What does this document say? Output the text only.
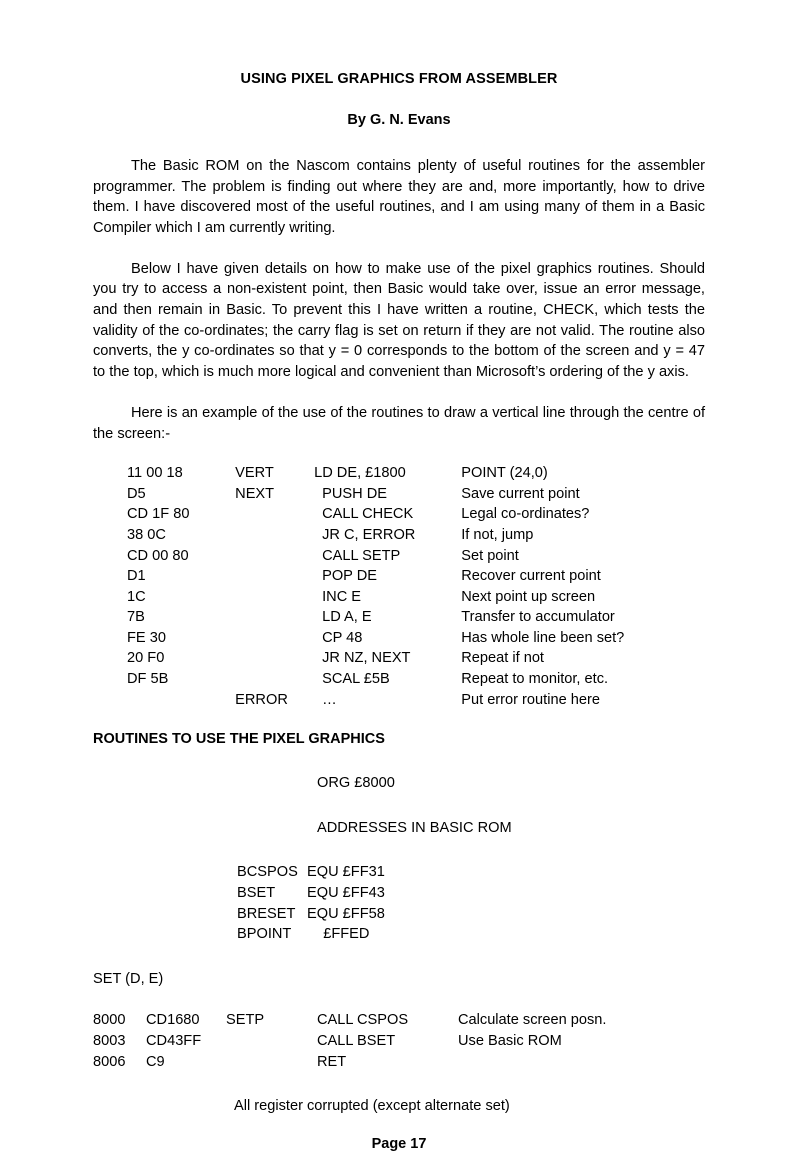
USING PIXEL GRAPHICS FROM ASSEMBLER
By G. N. Evans

The Basic ROM on the Nascom contains plenty of useful routines for the assembler programmer. The problem is finding out where they are and, more importantly, how to drive them. I have discovered most of the useful routines, and I am using many of them in a Basic Compiler which I am currently writing.

Below I have given details on how to make use of the pixel graphics routines. Should you try to access a non-existent point, then Basic would take over, issue an error message, and then remain in Basic. To prevent this I have written a routine, CHECK, which tests the validity of the co-ordinates; the carry flag is set on return if they are not valid. The routine also converts, the y co-ordinates so that y = 0 corresponds to the bottom of the screen and y = 47 to the top, which is much more logical and convenient than Microsoft’s ordering of the y axis.

Here is an example of the use of the routines to draw a vertical line through the centre of the screen:-

11 00 18	VERT	LD DE, £1800	POINT (24,0)
D5	NEXT	PUSH DE	Save current point
CD 1F 80		CALL CHECK	Legal co-ordinates?
38 0C		JR C, ERROR	If not, jump
CD 00 80		CALL SETP	Set point
D1		POP DE	Recover current point
1C		INC E	Next point up screen
7B		LD A, E	Transfer to accumulator
FE 30		CP 48	Has whole line been set?
20 F0		JR NZ, NEXT	Repeat if not
DF 5B		SCAL £5B	Repeat to monitor, etc.
	ERROR	…	Put error routine here
ROUTINES TO USE THE PIXEL GRAPHICS

ORG £8000

ADDRESSES IN BASIC ROM

BCSPOS	EQU £FF31
BSET	EQU £FF43
BRESET	EQU £FF58
BPOINT	£FFED

SET (D, E)

8000	CD1680	SETP	CALL CSPOS	Calculate screen posn.
8003	CD43FF		CALL BSET	Use Basic ROM
8006	C9		RET	

All register corrupted (except alternate set)

Page 17
